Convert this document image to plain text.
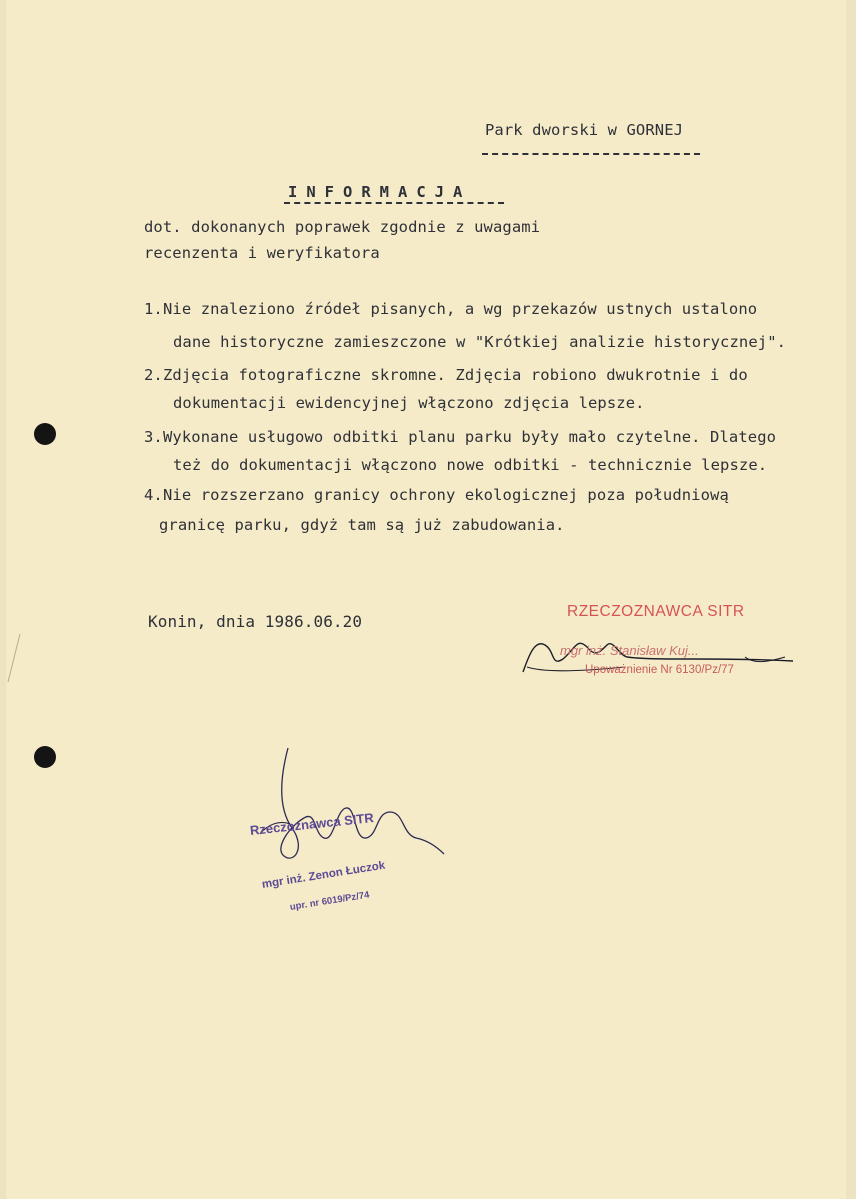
Park dworski w GORNEJ
INFORMACJA
dot. dokonanych poprawek zgodnie z uwagami
recenzenta i weryfikatora
1. Nie znaleziono źródeł pisanych, a wg przekazów ustnych ustalono
dane historyczne zamieszczone w "Krótkiej analizie historycznej".
2. Zdjęcia fotograficzne skromne. Zdjęcia robiono dwukrotnie i do
dokumentacji ewidencyjnej włączono zdjęcia lepsze.
3. Wykonane usługowo odbitki planu parku były mało czytelne. Dlatego
też do dokumentacji włączono nowe odbitki - technicznie lepsze.
4. Nie rozszerzano granicy ochrony ekologicznej poza południową
granicę parku, gdyż tam są już zabudowania.
Konin, dnia 1986.06.20
RZECZOZNAWCA SITR
mgr inż. Stanisław Kuj...
Upoważnienie Nr 6130/Pz/77
Rzeczoznawca SITR
mgr inż. Zenon Łuczok
upr. nr 6019/Pz/74
